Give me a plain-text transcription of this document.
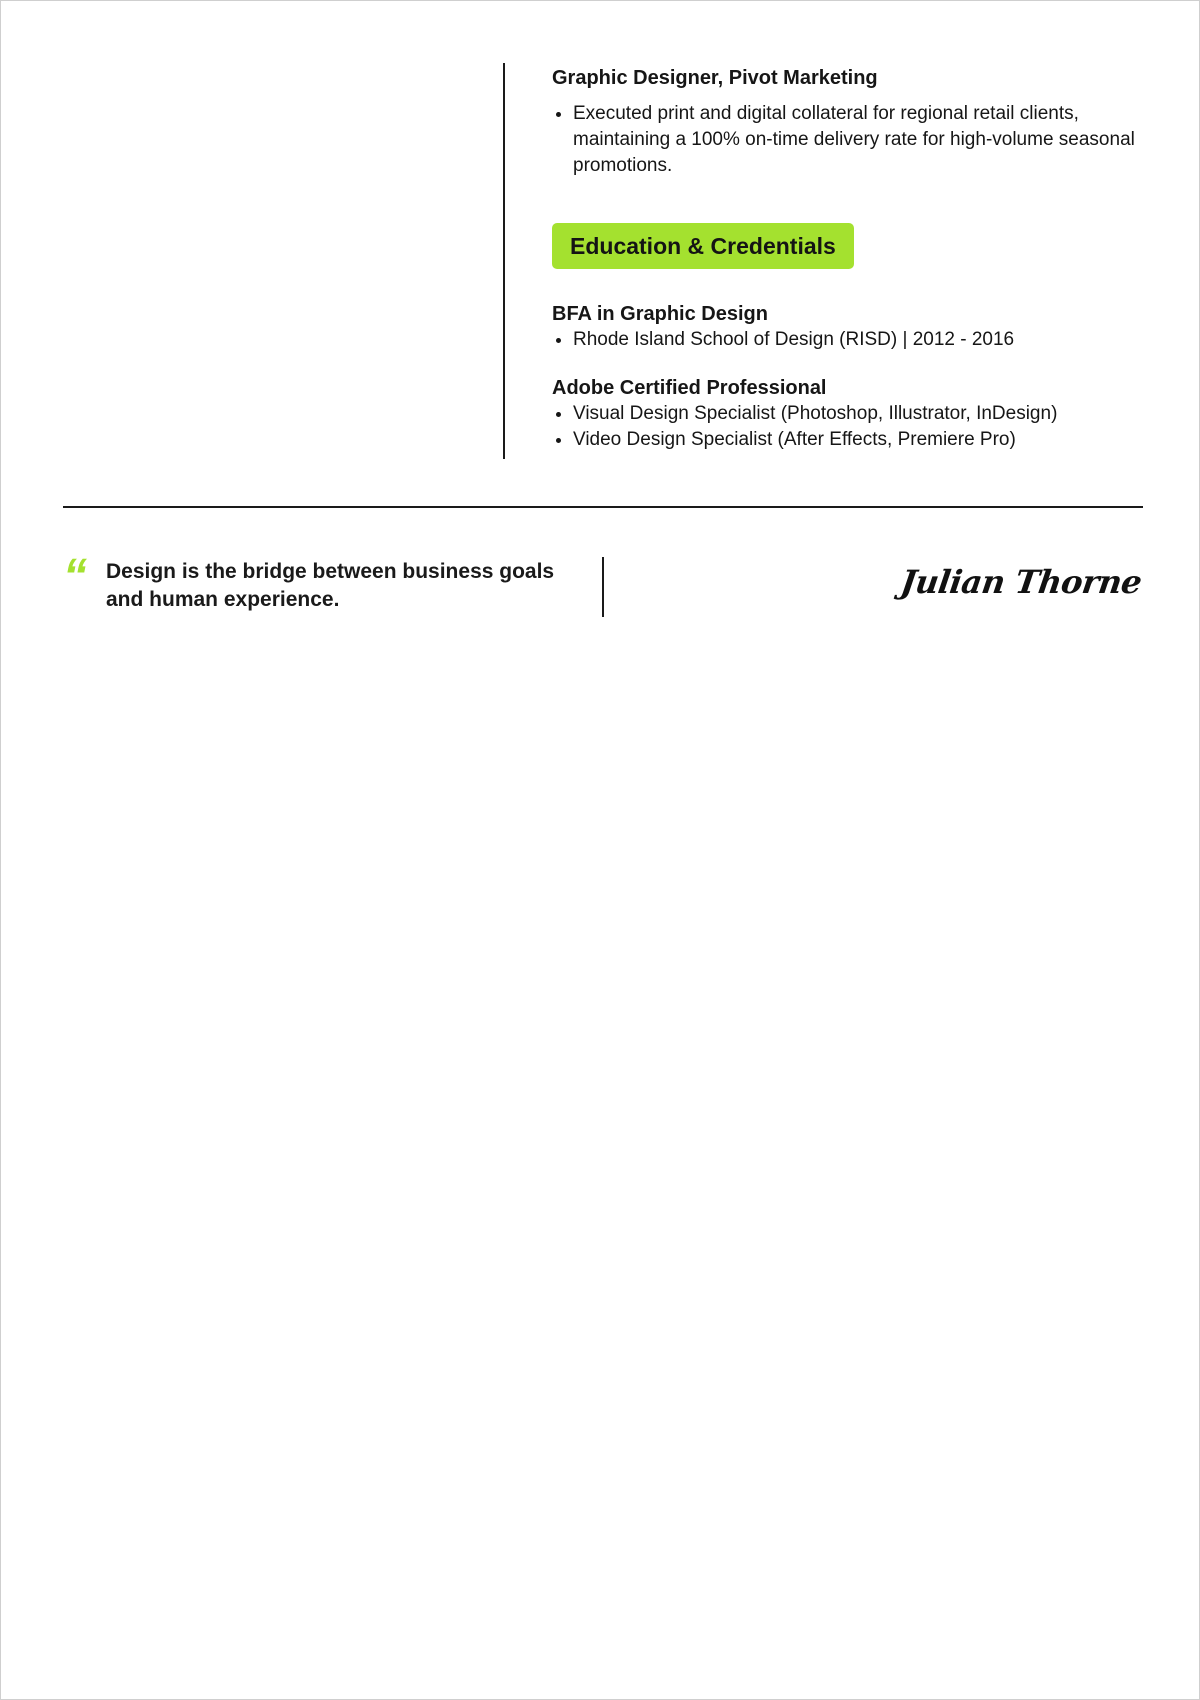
Graphic Designer, Pivot Marketing
• Executed print and digital collateral for regional retail clients, maintaining a 100% on-time delivery rate for high-volume seasonal promotions.
Education & Credentials
BFA in Graphic Design
• Rhode Island School of Design (RISD) | 2012 - 2016
Adobe Certified Professional
• Visual Design Specialist (Photoshop, Illustrator, InDesign)
• Video Design Specialist (After Effects, Premiere Pro)
“ Design is the bridge between business goals and human experience.	Julian Thorne
